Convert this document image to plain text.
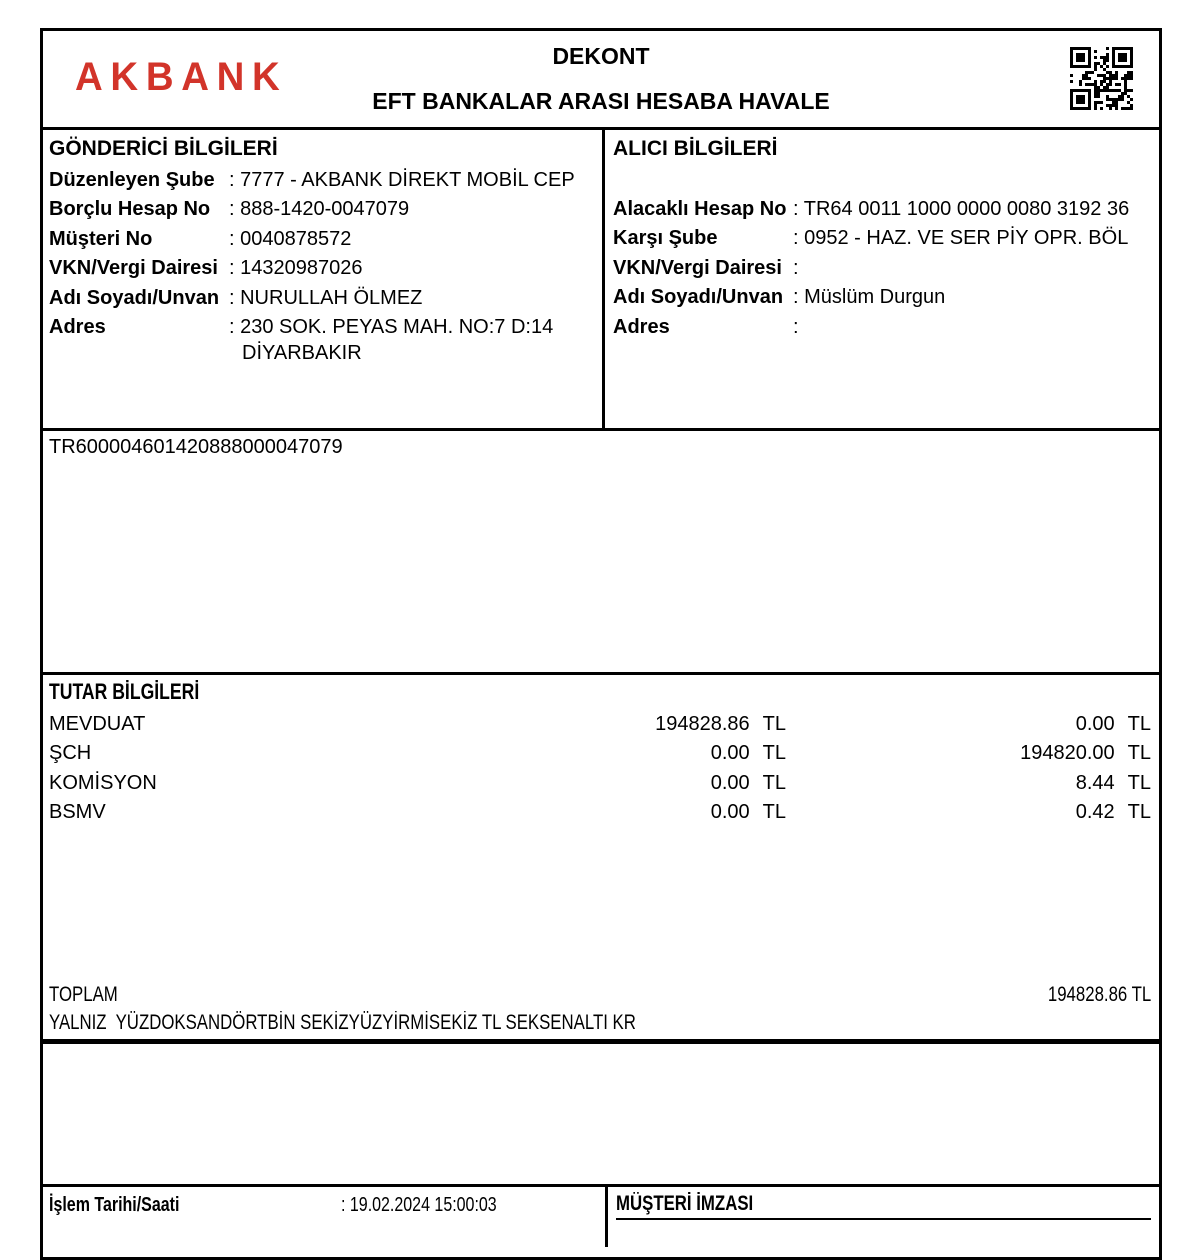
AKBANK	DEKONT
EFT BANKALAR ARASI HESABA HAVALE
GÖNDERİCİ BİLGİLERİ
Düzenleyen Şube : 7777 - AKBANK DİREKT MOBİL CEP
Borçlu Hesap No : 888-1420-0047079
Müşteri No	: 0040878572
VKN/Vergi Dairesi : 14320987026
Adı Soyadı/Unvan : NURULLAH ÖLMEZ
Adres	: 230 SOK. PEYAS MAH. NO:7 D:14
DİYARBAKIR
ALICI BİLGİLERİ
Alacaklı Hesap No : TR64 0011 1000 0000 0080 3192 36
Karşı Şube	: 0952 - HAZ. VE SER PİY OPR. BÖL
VKN/Vergi Dairesi :
Adı Soyadı/Unvan : Müslüm Durgun
Adres	:
TR600004601420888000047079
TUTAR BİLGİLERİ
MEVDUAT	194828.86 TL	0.00 TL
ŞCH	0.00 TL	194820.00 TL
KOMİSYON	0.00 TL	8.44 TL
BSMV	0.00 TL	0.42 TL
TOPLAM	194828.86 TL
YALNIZ  YÜZDOKSANDÖRTBİN SEKİZYÜZYİRMİSEKİZ TL SEKSENALTI KR
İşlem Tarihi/Saati	: 19.02.2024 15:00:03	MÜŞTERİ İMZASI
